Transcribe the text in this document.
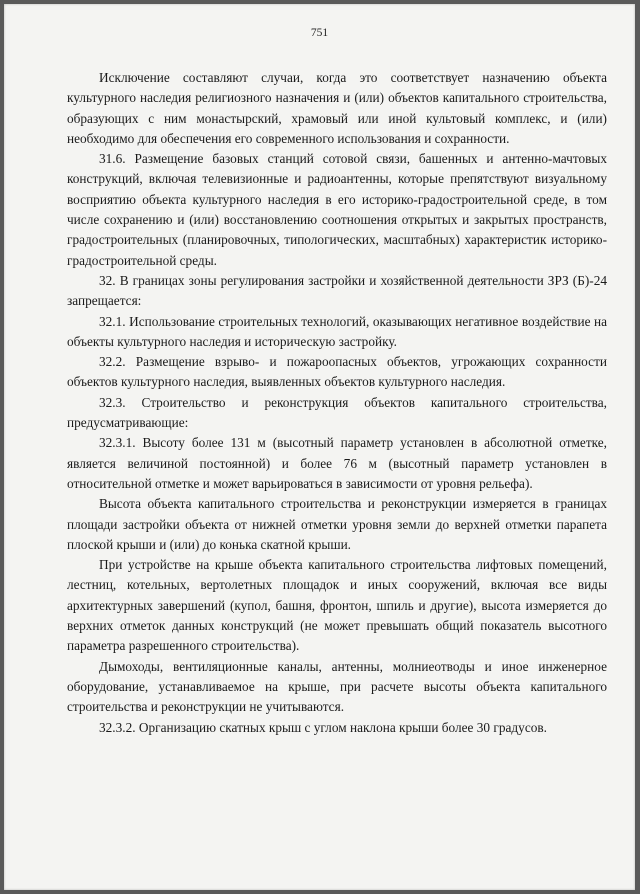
751

Исключение составляют случаи, когда это соответствует назначению объекта культурного наследия религиозного назначения и (или) объектов капитального строительства, образующих с ним монастырский, храмовый или иной культовый комплекс, и (или) необходимо для обеспечения его современного использования и сохранности.

31.6. Размещение базовых станций сотовой связи, башенных и антенно-мачтовых конструкций, включая телевизионные и радиоантенны, которые препятствуют визуальному восприятию объекта культурного наследия в его историко-градостроительной среде, в том числе сохранению и (или) восстановлению соотношения открытых и закрытых пространств, градостроительных (планировочных, типологических, масштабных) характеристик историко-градостроительной среды.

32. В границах зоны регулирования застройки и хозяйственной деятельности ЗРЗ (Б)-24 запрещается:

32.1. Использование строительных технологий, оказывающих негативное воздействие на объекты культурного наследия и историческую застройку.

32.2. Размещение взрыво- и пожароопасных объектов, угрожающих сохранности объектов культурного наследия, выявленных объектов культурного наследия.

32.3. Строительство и реконструкция объектов капитального строительства, предусматривающие:

32.3.1. Высоту более 131 м (высотный параметр установлен в абсолютной отметке, является величиной постоянной) и более 76 м (высотный параметр установлен в относительной отметке и может варьироваться в зависимости от уровня рельефа).

Высота объекта капитального строительства и реконструкции измеряется в границах площади застройки объекта от нижней отметки уровня земли до верхней отметки парапета плоской крыши и (или) до конька скатной крыши.

При устройстве на крыше объекта капитального строительства лифтовых помещений, лестниц, котельных, вертолетных площадок и иных сооружений, включая все виды архитектурных завершений (купол, башня, фронтон, шпиль и другие), высота измеряется до верхних отметок данных конструкций (не может превышать общий показатель высотного параметра разрешенного строительства).

Дымоходы, вентиляционные каналы, антенны, молниеотводы и иное инженерное оборудование, устанавливаемое на крыше, при расчете высоты объекта капитального строительства и реконструкции не учитываются.

32.3.2. Организацию скатных крыш с углом наклона крыши более 30 градусов.
